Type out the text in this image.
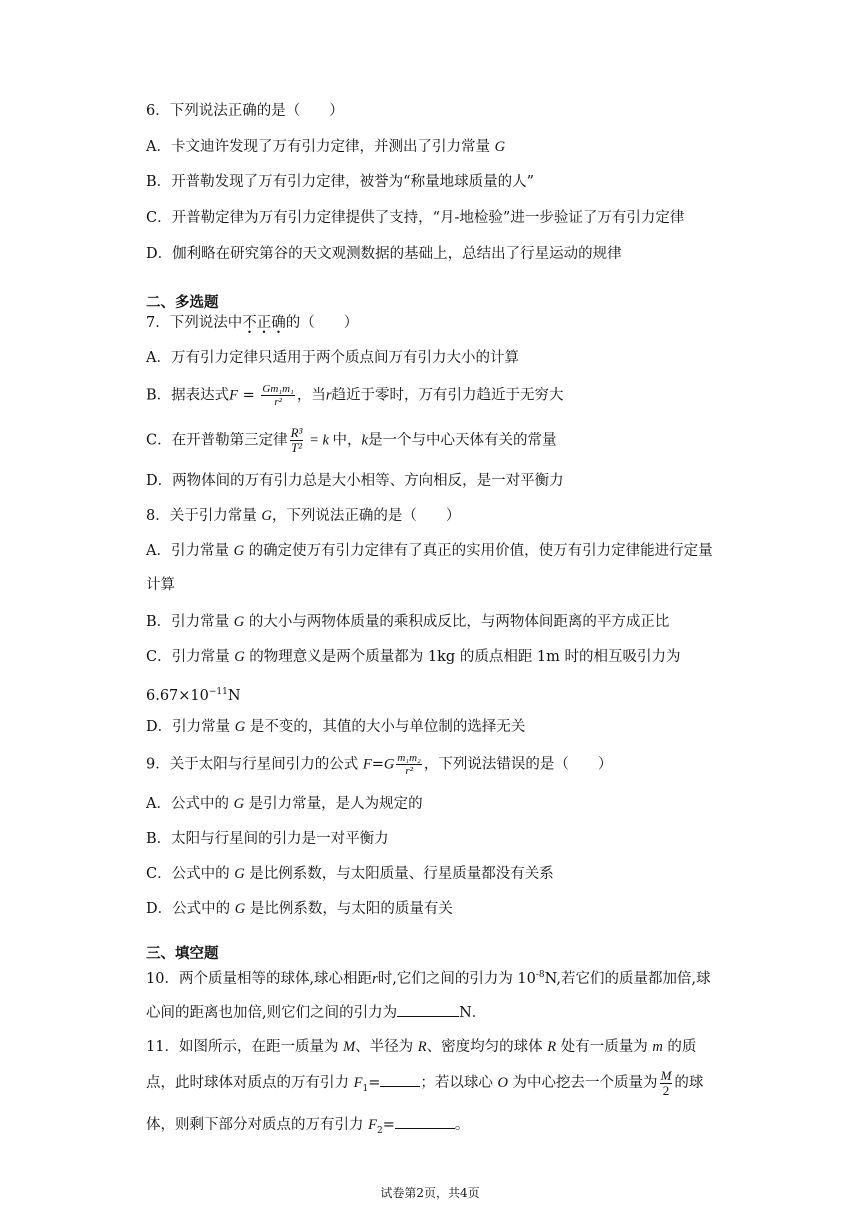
6．下列说法正确的是（　　）
A．卡文迪许发现了万有引力定律，并测出了引力常量 G
B．开普勒发现了万有引力定律，被誉为“称量地球质量的人”
C．开普勒定律为万有引力定律提供了支持，“月-地检验”进一步验证了万有引力定律
D．伽利略在研究第谷的天文观测数据的基础上，总结出了行星运动的规律
二、多选题
7．下列说法中不正确的（　　）
A．万有引力定律只适用于两个质点间万有引力大小的计算
B．据表达式$F = \frac{\text{Gm₁m₁}}{\text{r²}}$ ，当r趋近于零时，万有引力趋近于无穷大
C．在开普勒第三定律 $\frac{\text{R³}}{\text{T²}} = k$ 中，k是一个与中心天体有关的常量
D．两物体间的万有引力总是大小相等、方向相反，是一对平衡力
8．关于引力常量 G，下列说法正确的是（　　）
A．引力常量 G 的确定使万有引力定律有了真正的实用价值，使万有引力定律能进行定量计算
B．引力常量 G 的大小与两物体质量的乘积成反比，与两物体间距离的平方成正比
C．引力常量 G 的物理意义是两个质量都为 1kg 的质点相距 1m 时的相互吸引力为
$6.67\times 10^{-11}N$
D．引力常量 G 是不变的，其值的大小与单位制的选择无关
9．关于太阳与行星间引力的公式 $F=G \frac{\text{m₁m₂}}{\text{r²}}$ ，下列说法错误的是（　　）
A．公式中的 G 是引力常量，是人为规定的
B．太阳与行星间的引力是一对平衡力
C．公式中的 G 是比例系数，与太阳质量、行星质量都没有关系
D．公式中的 G 是比例系数，与太阳的质量有关
三、填空题
10．两个质量相等的球体,球心相距r时,它们之间的引力为 $10^{-8}N$,若它们的质量都加倍,球心间的距离也加倍,则它们之间的引力为	N．
11．如图所示，在距一质量为 M、半径为 R、密度均匀的球体 R 处有一质量为 m 的质点，此时球体对质点的万有引力 $F_1=$	；若以球心 O 为中心挖去一个质量为 $\frac{M}{2}$ 的球体，则剩下部分对质点的万有引力 $F_2=$	。
试卷第2页，共4页
